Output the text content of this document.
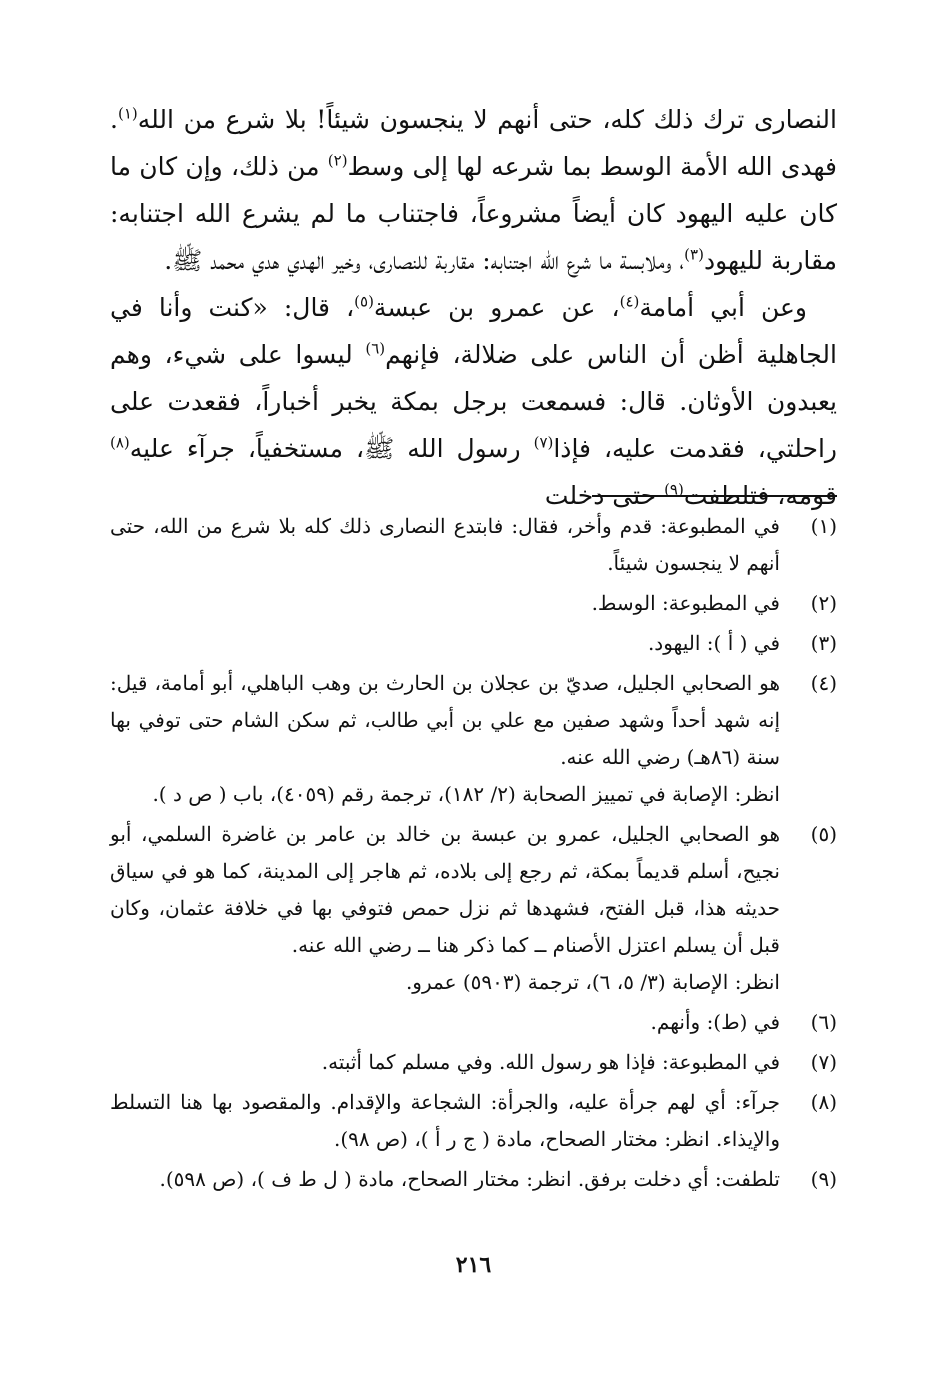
النصارى ترك ذلك كله، حتى أنهم لا ينجسون شيئاً! بلا شرع من الله$^{(١)}$. فهدى الله الأمة الوسط بما شرعه لها إلى وسط$^{(٢)}$ من ذلك، وإن كان ما كان عليه اليهود كان أيضاً مشروعاً، فاجتناب ما لم يشرع الله اجتنابه: مقاربة لليهود$^{(٣)}$، وملابسة ما شرع الله اجتنابه: مقاربة للنصارى، وخير الهدي هدي محمد ﷺ.

وعن أبي أمامة$^{(٤)}$، عن عمرو بن عبسة$^{(٥)}$، قال: «كنت وأنا في الجاهلية أظن أن الناس على ضلالة، فإنهم$^{(٦)}$ ليسوا على شيء، وهم يعبدون الأوثان. قال: فسمعت برجل بمكة يخبر أخباراً، فقعدت على راحلتي، فقدمت عليه، فإذا$^{(٧)}$ رسول الله ﷺ، مستخفياً، جرآء عليه$^{(٨)}$ قومه، فتلطفت$^{(٩)}$ حتى دخلت

(١)
في المطبوعة: قدم وأخر، فقال: فابتدع النصارى ذلك كله بلا شرع من الله، حتى أنهم لا ينجسون شيئاً.
(٢)
في المطبوعة: الوسط.
(٣)
في ( أ ): اليهود.
(٤)
هو الصحابي الجليل، صديّ بن عجلان بن الحارث بن وهب الباهلي، أبو أمامة، قيل: إنه شهد أحداً وشهد صفين مع علي بن أبي طالب، ثم سكن الشام حتى توفي بها سنة (٨٦هـ) رضي الله عنه.
انظر: الإصابة في تمييز الصحابة (٢/ ١٨٢)، ترجمة رقم (٤٠٥٩)، باب ( ص د ).
(٥)
هو الصحابي الجليل، عمرو بن عبسة بن خالد بن عامر بن غاضرة السلمي، أبو نجيح، أسلم قديماً بمكة، ثم رجع إلى بلاده، ثم هاجر إلى المدينة، كما هو في سياق حديثه هذا، قبل الفتح، فشهدها ثم نزل حمص فتوفي بها في خلافة عثمان، وكان قبل أن يسلم اعتزل الأصنام ــ كما ذكر هنا ــ رضي الله عنه.
انظر: الإصابة (٣/ ٥، ٦)، ترجمة (٥٩٠٣) عمرو.
(٦)
في (ط): وأنهم.
(٧)
في المطبوعة: فإذا هو رسول الله. وفي مسلم كما أثبته.
(٨)
جرآء: أي لهم جرأة عليه، والجرأة: الشجاعة والإقدام. والمقصود بها هنا التسلط والإيذاء. انظر: مختار الصحاح، مادة ( ج ر أ )، (ص ٩٨).
(٩)
تلطفت: أي دخلت برفق. انظر: مختار الصحاح، مادة ( ل ط ف )، (ص ٥٩٨).
٢١٦
